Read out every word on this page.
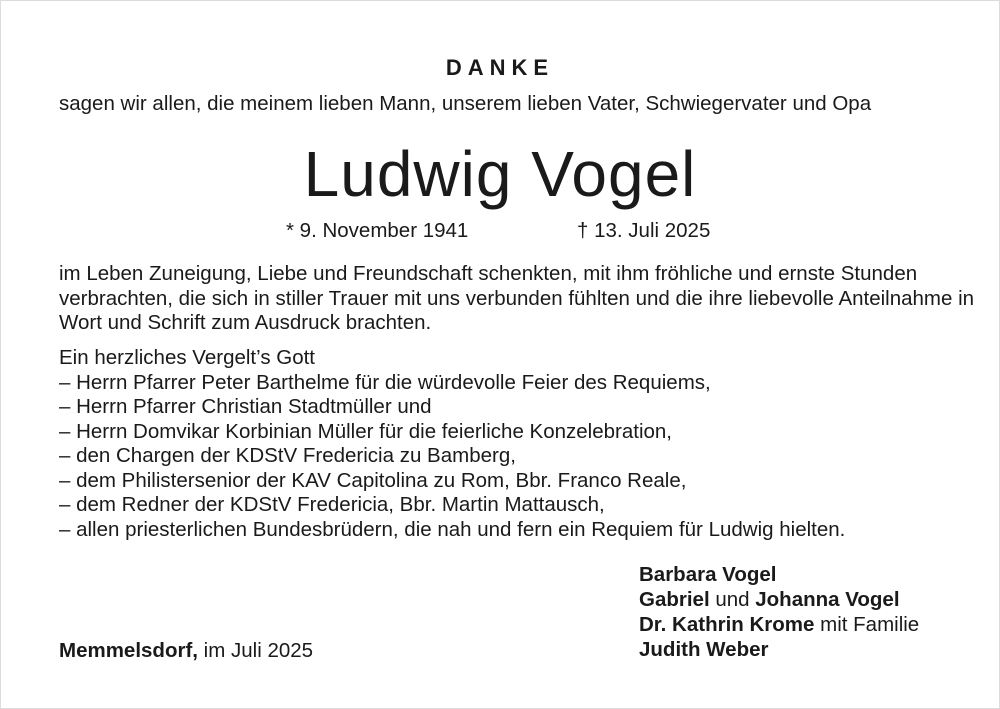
DANKE
sagen wir allen, die meinem lieben Mann, unserem lieben Vater, Schwiegervater und Opa
Ludwig Vogel
* 9. November 1941	† 13. Juli 2025
im Leben Zuneigung, Liebe und Freundschaft schenkten, mit ihm fröhliche und ernste Stunden verbrachten, die sich in stiller Trauer mit uns verbunden fühlten und die ihre liebevolle Anteilnahme in Wort und Schrift zum Ausdruck brachten.
Ein herzliches Vergelt’s Gott
– Herrn Pfarrer Peter Barthelme für die würdevolle Feier des Requiems,
– Herrn Pfarrer Christian Stadtmüller und
– Herrn Domvikar Korbinian Müller für die feierliche Konzelebration,
– den Chargen der KDStV Fredericia zu Bamberg,
– dem Philistersenior der KAV Capitolina zu Rom, Bbr. Franco Reale,
– dem Redner der KDStV Fredericia, Bbr. Martin Mattausch,
– allen priesterlichen Bundesbrüdern, die nah und fern ein Requiem für Ludwig hielten.
Barbara Vogel
Gabriel und Johanna Vogel
Dr. Kathrin Krome mit Familie
Judith Weber
Memmelsdorf, im Juli 2025
